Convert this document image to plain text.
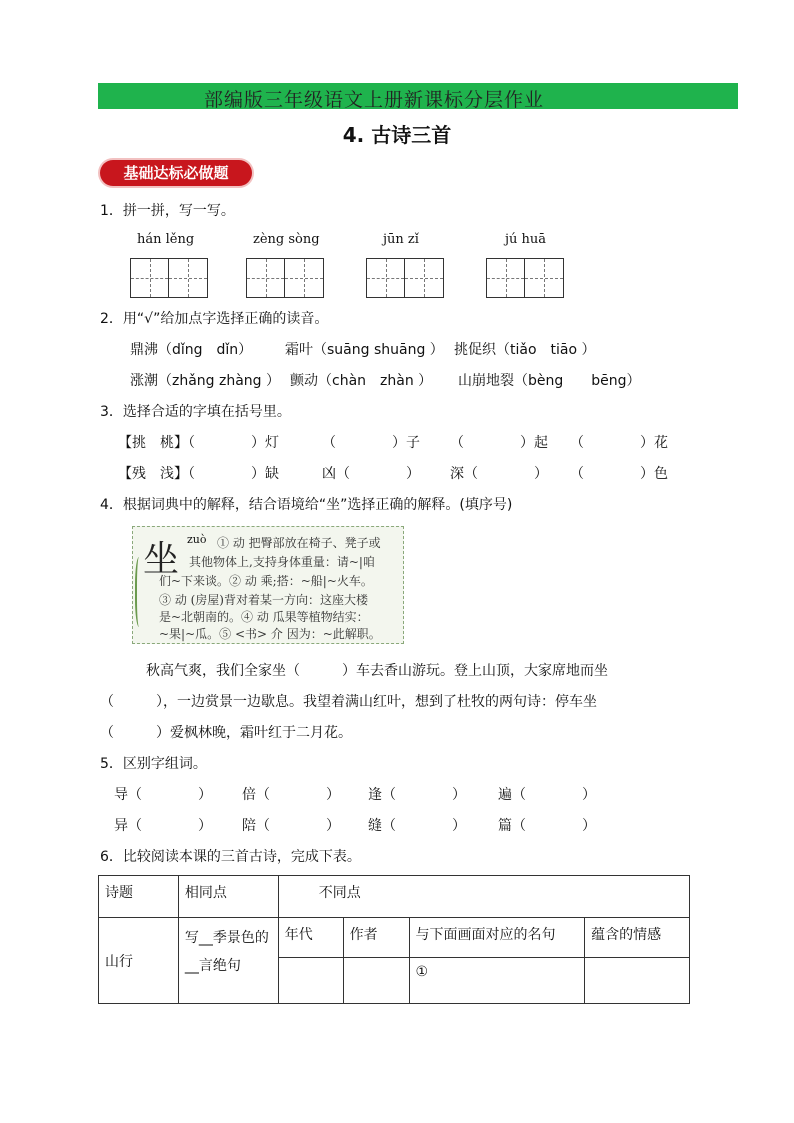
部编版三年级语文上册新课标分层作业
4. 古诗三首
基础达标必做题
1．拼一拼，写一写。
hán lěng	zèng sòng	jūn zǐ	jú huā
2．用“√”给加点字选择正确的读音。
鼎沸（dǐng　dǐn） 霜叶（suāng shuāng ） 挑促织（tiǎo　tiāo ）
涨潮（zhǎng zhàng ） 颤动（chàn　zhàn ） 山崩地裂（bèng　　bēng）
3．选择合适的字填在括号里。
【挑　桃】（　　　　）灯	（　　　　）子 （　　　　）起 （　　　　）花
【残　浅】（　　　　）缺	凶（　　　　） 深（　　　　） （　　　　）色
4．根据词典中的解释，结合语境给“坐”选择正确的解释。(填序号)
坐 zuò ① 动 把臀部放在椅子、凳子或
其他物体上,支持身体重量：请~|咱
们~下来谈。② 动 乘;搭：~船|~火车。
③ 动 (房屋)背对着某一方向：这座大楼
是~北朝南的。④ 动 瓜果等植物结实：
~果|~瓜。⑤ <书> 介 因为：~此解职。
秋高气爽，我们全家坐（　　　）车去香山游玩。登上山顶，大家席地而坐
（　　　），一边赏景一边歇息。我望着满山红叶，想到了杜牧的两句诗：停车坐
（　　　）爱枫林晚，霜叶红于二月花。
5．区别字组词。
导（　　　　） 倍（　　　　） 逢（　　　　） 遍（　　　　）
异（　　　　） 陪（　　　　） 缝（　　　　） 篇（　　　　）
6．比较阅读本课的三首古诗，完成下表。
诗题	相同点	不同点			
山行	写__季景色的__言绝句	年代	作者	与下面画面对应的名句	蕴含的情感
				①	
